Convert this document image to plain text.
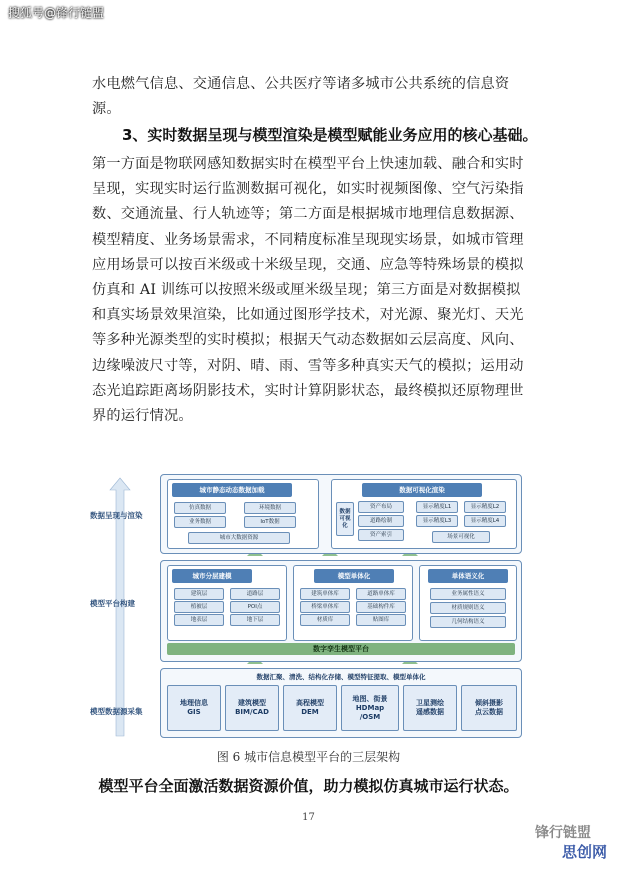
搜狐号@锋行链盟

水电燃气信息、交通信息、公共医疗等诸多城市公共系统的信息资源。

3、实时数据呈现与模型渲染是模型赋能业务应用的核心基础。

第一方面是物联网感知数据实时在模型平台上快速加载、融合和实时呈现，实现实时运行监测数据可视化，如实时视频图像、空气污染指数、交通流量、行人轨迹等；第二方面是根据城市地理信息数据源、模型精度、业务场景需求，不同精度标准呈现现实场景，如城市管理应用场景可以按百米级或十米级呈现，交通、应急等特殊场景的模拟仿真和 AI 训练可以按照米级或厘米级呈现；第三方面是对数据模拟和真实场景效果渲染，比如通过图形学技术，对光源、聚光灯、天光等多种光源类型的实时模拟；根据天气动态数据如云层高度、风向、边缘噪波尺寸等，对阴、晴、雨、雪等多种真实天气的模拟；运用动态光追踪距离场阴影技术，实时计算阴影状态，最终模拟还原物理世界的运行情况。

数据呈现与渲染
模型平台构建
模型数据源采集
城市静态动态数据加载
仿真数据	环境数据
业务数据	IoT数据
城市大数据资源
数据可视化渲染
数据
可视
化
资产布局
道路绘制
资产索引
显示精度L1	显示精度L2
显示精度L3	显示精度L4
场景可视化
城市分层建模
建筑层	道路层
植被层	POI点
地表层	地下层
模型单体化
建筑单体库	道路单体库
桥梁单体库	基础构件库
材质库	贴图库
单体语义化
业务属性语义
材质规则语义
几何结构语义
数字孪生模型平台
数据汇聚、清洗、结构化存储、模型特征提取、模型单体化
地理信息
GIS
建筑模型
BIM/CAD
高程模型
DEM
地图、街景
HDMap
/OSM
卫星测绘
遥感数据
倾斜摄影
点云数据
图 6 城市信息模型平台的三层架构
模型平台全面激活数据资源价值，助力模拟仿真城市运行状态。
17
锋行链盟
思创网
